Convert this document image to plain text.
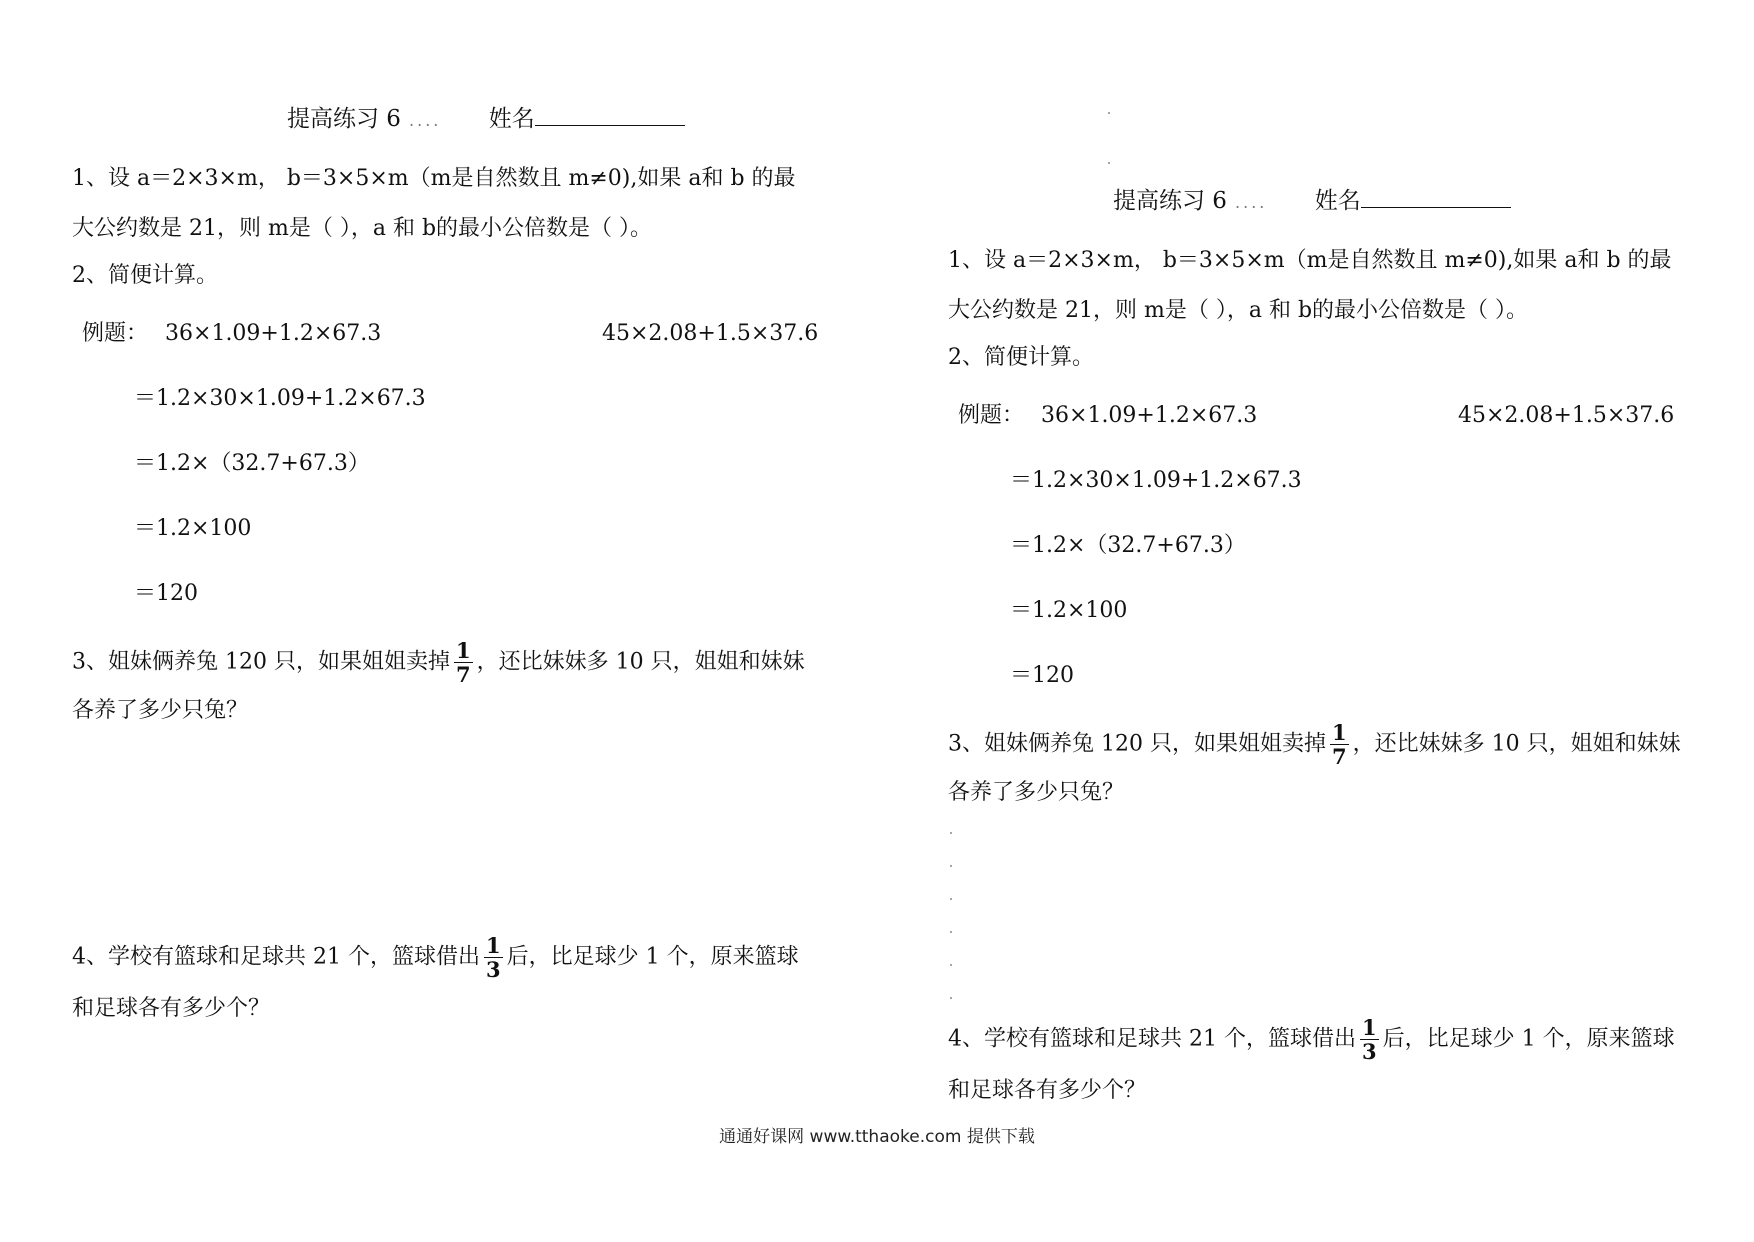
提高练习 6 .... 姓名
1、设 a＝2×3×m， b＝3×5×m（m是自然数且 m≠0),如果 a和 b 的最
大公约数是 21，则 m是（ ），a 和 b的最小公倍数是（ ）。
2、简便计算。
例题： 36×1.09+1.2×67.3	45×2.08+1.5×37.6
＝1.2×30×1.09+1.2×67.3
＝1.2×（32.7+67.3）
＝1.2×100
＝120
3、姐妹俩养兔 120 只，如果姐姐卖掉 $\frac{1}{7}$ ，还比妹妹多 10 只，姐姐和妹妹
各养了多少只兔？
4、学校有篮球和足球共 21 个，篮球借出 $\frac{1}{3}$ 后，比足球少 1 个，原来篮球
和足球各有多少个？
提高练习 6 .... 姓名
1、设 a＝2×3×m， b＝3×5×m（m是自然数且 m≠0),如果 a和 b 的最
大公约数是 21，则 m是（ ），a 和 b的最小公倍数是（ ）。
2、简便计算。
例题： 36×1.09+1.2×67.3	45×2.08+1.5×37.6
＝1.2×30×1.09+1.2×67.3
＝1.2×（32.7+67.3）
＝1.2×100
＝120
3、姐妹俩养兔 120 只，如果姐姐卖掉 $\frac{1}{7}$ ，还比妹妹多 10 只，姐姐和妹妹
各养了多少只兔？
4、学校有篮球和足球共 21 个，篮球借出 $\frac{1}{3}$ 后，比足球少 1 个，原来篮球
和足球各有多少个？
通通好课网 www.tthaoke.com 提供下载
